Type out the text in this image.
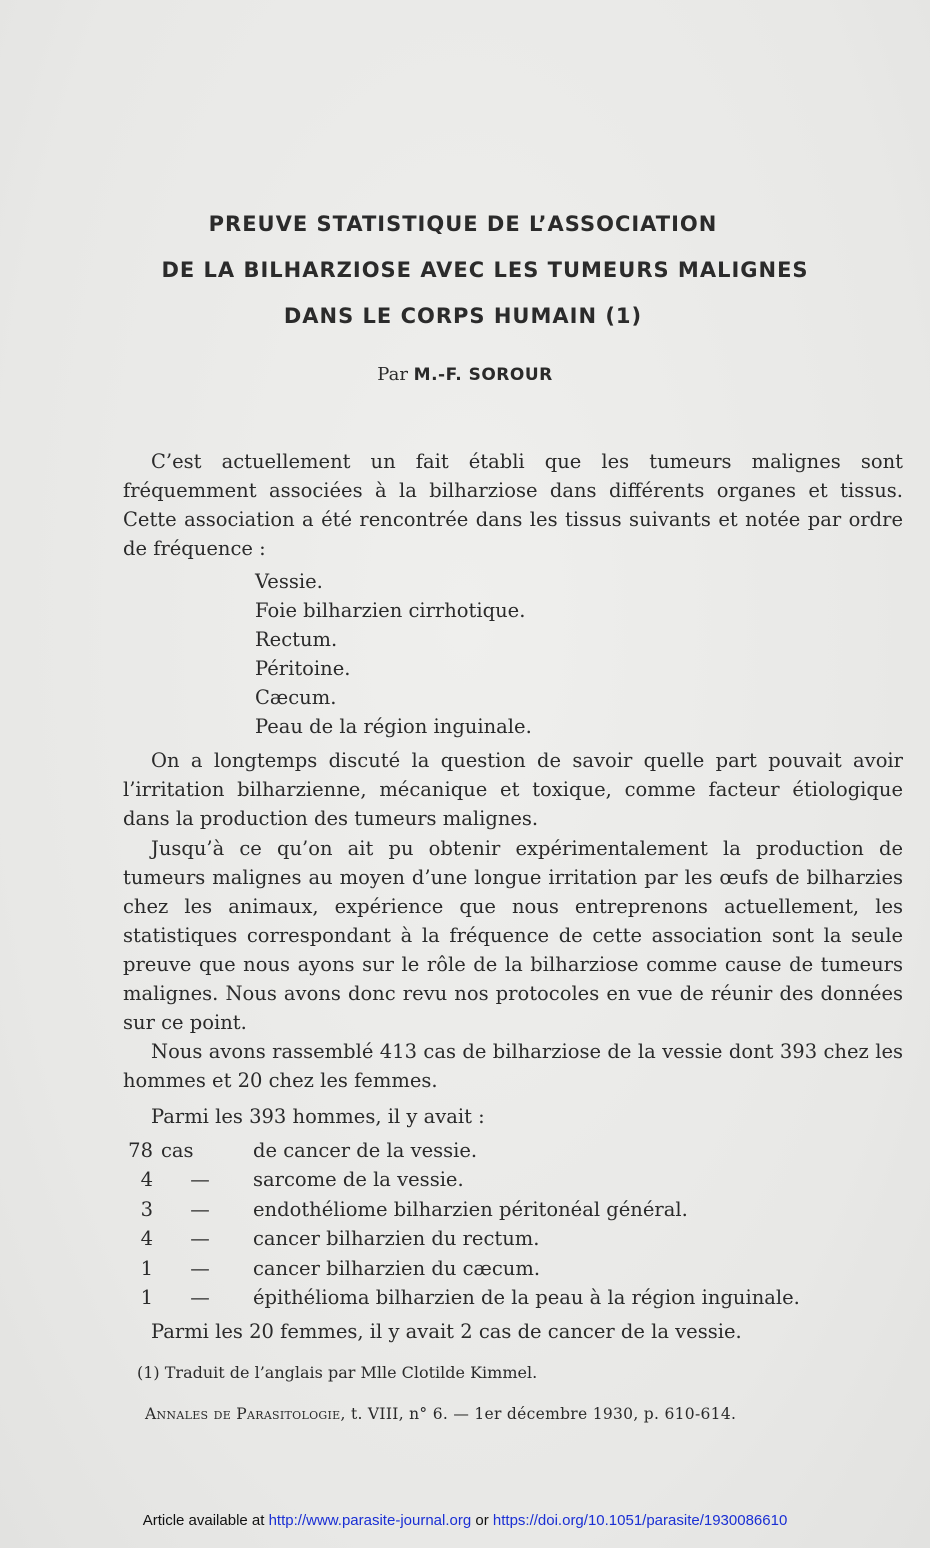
PREUVE STATISTIQUE DE L’ASSOCIATION
DE LA BILHARZIOSE AVEC LES TUMEURS MALIGNES
DANS LE CORPS HUMAIN (1)

Par M.-F. SOROUR

C’est actuellement un fait établi que les tumeurs malignes sont fréquemment associées à la bilharziose dans différents organes et tissus. Cette association a été rencontrée dans les tissus suivants et notée par ordre de fréquence :

Vessie.
Foie bilharzien cirrhotique.
Rectum.
Péritoine.
Cæcum.
Peau de la région inguinale.

On a longtemps discuté la question de savoir quelle part pouvait avoir l’irritation bilharzienne, mécanique et toxique, comme facteur étiologique dans la production des tumeurs malignes.

Jusqu’à ce qu’on ait pu obtenir expérimentalement la production de tumeurs malignes au moyen d’une longue irritation par les œufs de bilharzies chez les animaux, expérience que nous entreprenons actuellement, les statistiques correspondant à la fréquence de cette association sont la seule preuve que nous ayons sur le rôle de la bilharziose comme cause de tumeurs malignes. Nous avons donc revu nos protocoles en vue de réunir des données sur ce point.

Nous avons rassemblé 413 cas de bilharziose de la vessie dont 393 chez les hommes et 20 chez les femmes.

Parmi les 393 hommes, il y avait :

78 cas	de cancer de la vessie.
4 — sarcome de la vessie.
3 — endothéliome bilharzien péritonéal général.
4 — cancer bilharzien du rectum.
1 — cancer bilharzien du cæcum.
1 — épithélioma bilharzien de la peau à la région inguinale.

Parmi les 20 femmes, il y avait 2 cas de cancer de la vessie.

(1) Traduit de l’anglais par Mlle Clotilde Kimmel.

Annales de Parasitologie, t. VIII, n° 6. — 1er décembre 1930, p. 610-614.

Article available at http://www.parasite-journal.org or https://doi.org/10.1051/parasite/1930086610
